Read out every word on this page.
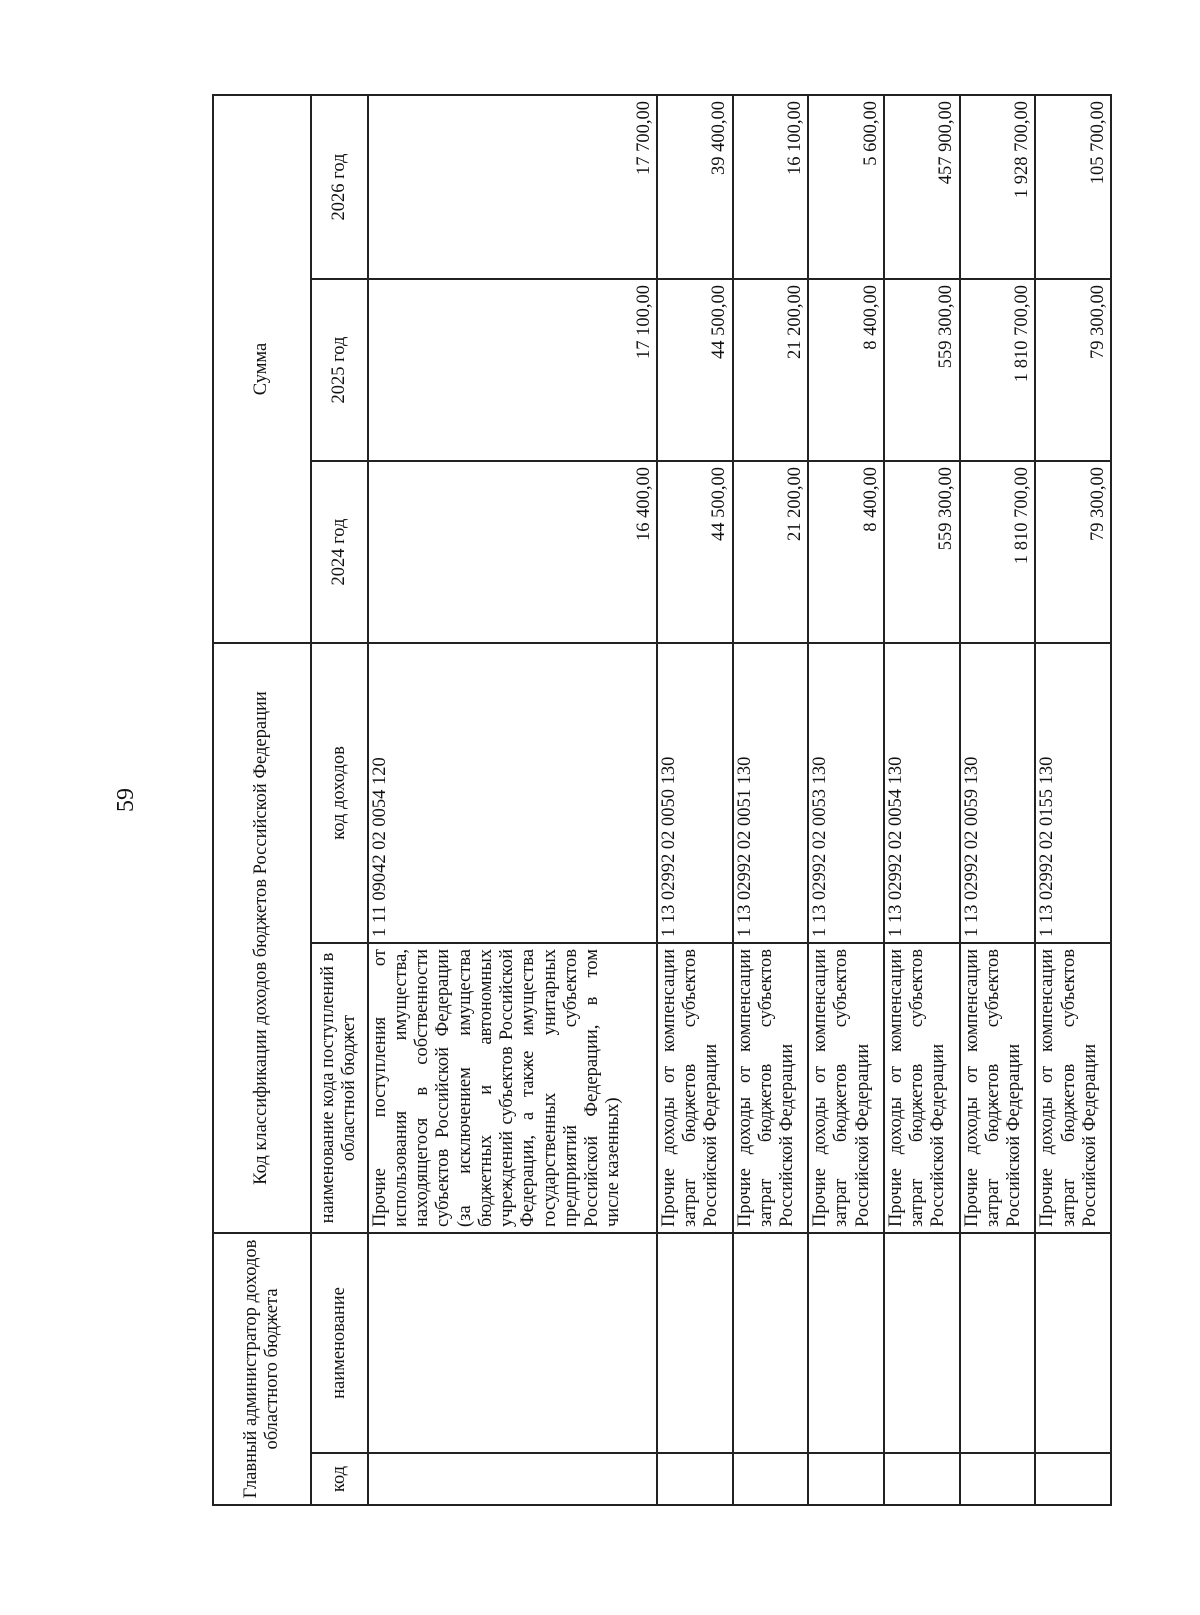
59
Главный администратор доходов областного бюджета		Код классификации доходов бюджетов Российской Федерации		Сумма		
код	наименование	наименование кода поступлений в областной бюджет	код доходов	2024 год	2025 год	2026 год
		Прочие поступления от использования имущества, находящегося в собственности субъектов Российской Федерации (за исключением имущества бюджетных и автономных учреждений субъектов Российской Федерации, а также имущества государственных унитарных предприятий субъектов Российской Федерации, в том числе казенных)	1 11 09042 02 0054 120	16 400,00	17 100,00	17 700,00
		Прочие доходы от компенсации затрат бюджетов субъектов Российской Федерации	1 13 02992 02 0050 130	44 500,00	44 500,00	39 400,00
		Прочие доходы от компенсации затрат бюджетов субъектов Российской Федерации	1 13 02992 02 0051 130	21 200,00	21 200,00	16 100,00
		Прочие доходы от компенсации затрат бюджетов субъектов Российской Федерации	1 13 02992 02 0053 130	8 400,00	8 400,00	5 600,00
		Прочие доходы от компенсации затрат бюджетов субъектов Российской Федерации	1 13 02992 02 0054 130	559 300,00	559 300,00	457 900,00
		Прочие доходы от компенсации затрат бюджетов субъектов Российской Федерации	1 13 02992 02 0059 130	1 810 700,00	1 810 700,00	1 928 700,00
		Прочие доходы от компенсации затрат бюджетов субъектов Российской Федерации	1 13 02992 02 0155 130	79 300,00	79 300,00	105 700,00
